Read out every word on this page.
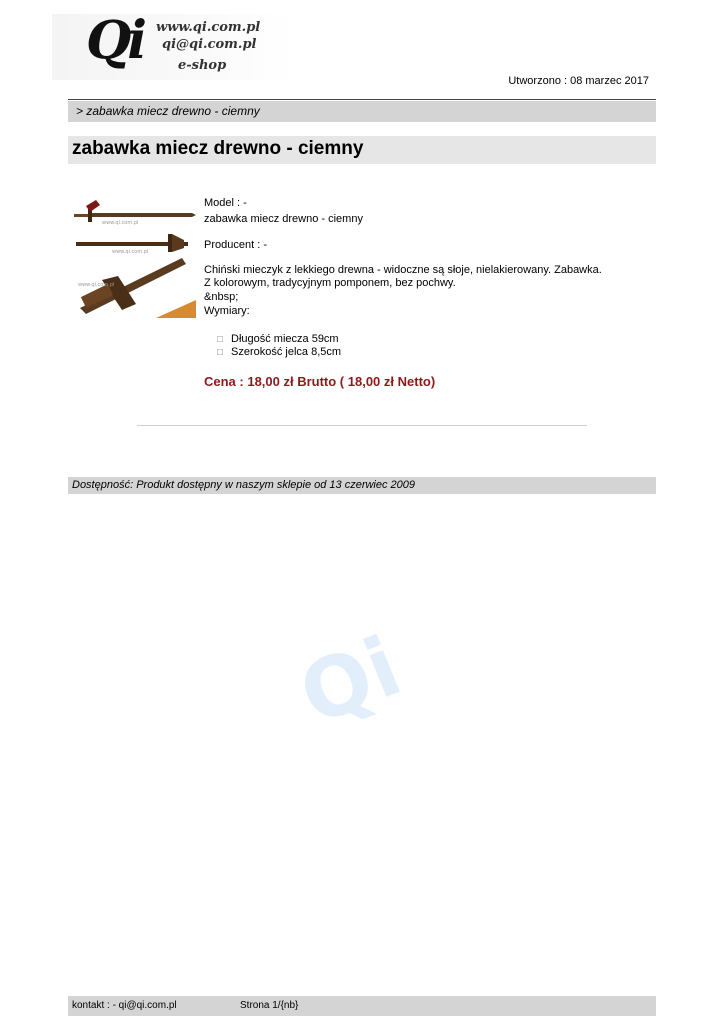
Qi www.qi.com.pl
qi@qi.com.pl
e-shop
Utworzono : 08 marzec 2017
> zabawka miecz drewno - ciemny
zabawka miecz drewno - ciemny
www.qi.com.pl
www.qi.com.pl
www.qi.com.pl
Model : -
zabawka miecz drewno - ciemny
Producent : -
Chiński mieczyk z lekkiego drewna - widoczne są słoje, nielakierowany. Zabawka.
Z kolorowym, tradycyjnym pomponem, bez pochwy.
&nbsp;
Wymiary:
□ Długość miecza 59cm
□ Szerokość jelca 8,5cm
Cena : 18,00 zł Brutto ( 18,00 zł Netto)
Dostępność: Produkt dostępny w naszym sklepie od 13 czerwiec 2009
Qi
kontakt : - qi@qi.com.pl	Strona 1/{nb}
